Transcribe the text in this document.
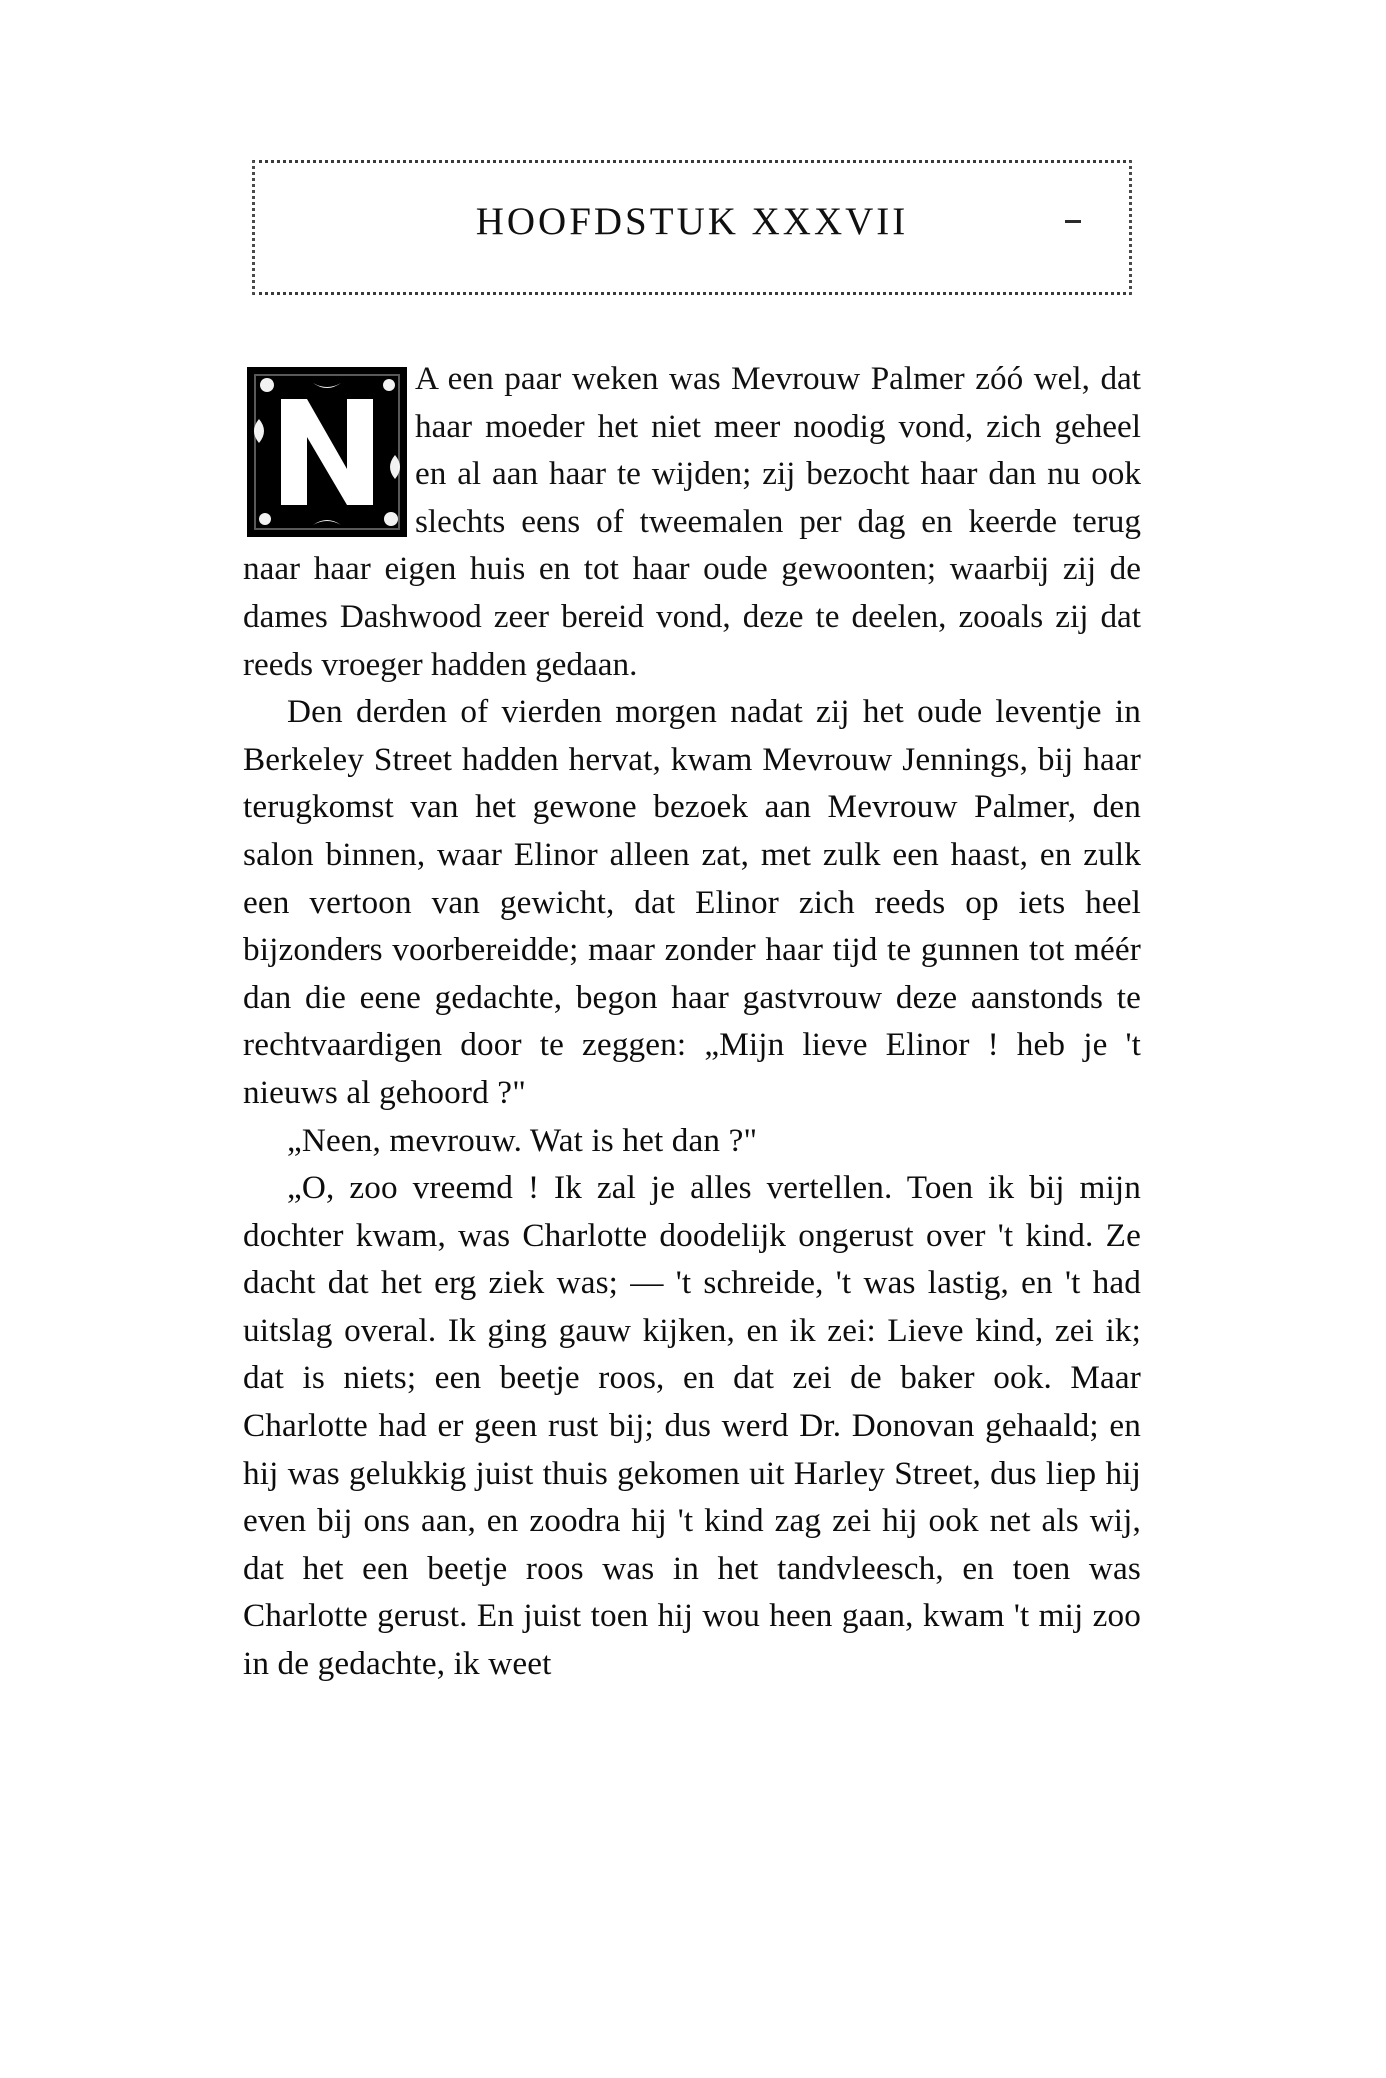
HOOFDSTUK XXXVII

A een paar weken was Mevrouw Palmer zóó wel, dat haar moeder het niet meer noodig vond, zich geheel en al aan haar te wijden; zij bezocht haar dan nu ook slechts eens of tweemalen per dag en keerde terug naar haar eigen huis en tot haar oude gewoonten; waarbij zij de dames Dashwood zeer bereid vond, deze te deelen, zooals zij dat reeds vroeger hadden gedaan.

Den derden of vierden morgen nadat zij het oude leventje in Berkeley Street hadden hervat, kwam Mevrouw Jennings, bij haar terugkomst van het gewone bezoek aan Mevrouw Palmer, den salon binnen, waar Elinor alleen zat, met zulk een haast, en zulk een vertoon van gewicht, dat Elinor zich reeds op iets heel bijzonders voorbereidde; maar zonder haar tijd te gunnen tot méér dan die eene gedachte, begon haar gastvrouw deze aanstonds te rechtvaardigen door te zeggen: „Mijn lieve Elinor ! heb je 't nieuws al gehoord ?"

„Neen, mevrouw. Wat is het dan ?"

„O, zoo vreemd ! Ik zal je alles vertellen. Toen ik bij mijn dochter kwam, was Charlotte doodelijk ongerust over 't kind. Ze dacht dat het erg ziek was; — 't schreide, 't was lastig, en 't had uitslag overal. Ik ging gauw kijken, en ik zei: Lieve kind, zei ik; dat is niets; een beetje roos, en dat zei de baker ook. Maar Charlotte had er geen rust bij; dus werd Dr. Donovan gehaald; en hij was gelukkig juist thuis gekomen uit Harley Street, dus liep hij even bij ons aan, en zoodra hij 't kind zag zei hij ook net als wij, dat het een beetje roos was in het tandvleesch, en toen was Charlotte gerust. En juist toen hij wou heen gaan, kwam 't mij zoo in de gedachte, ik weet
